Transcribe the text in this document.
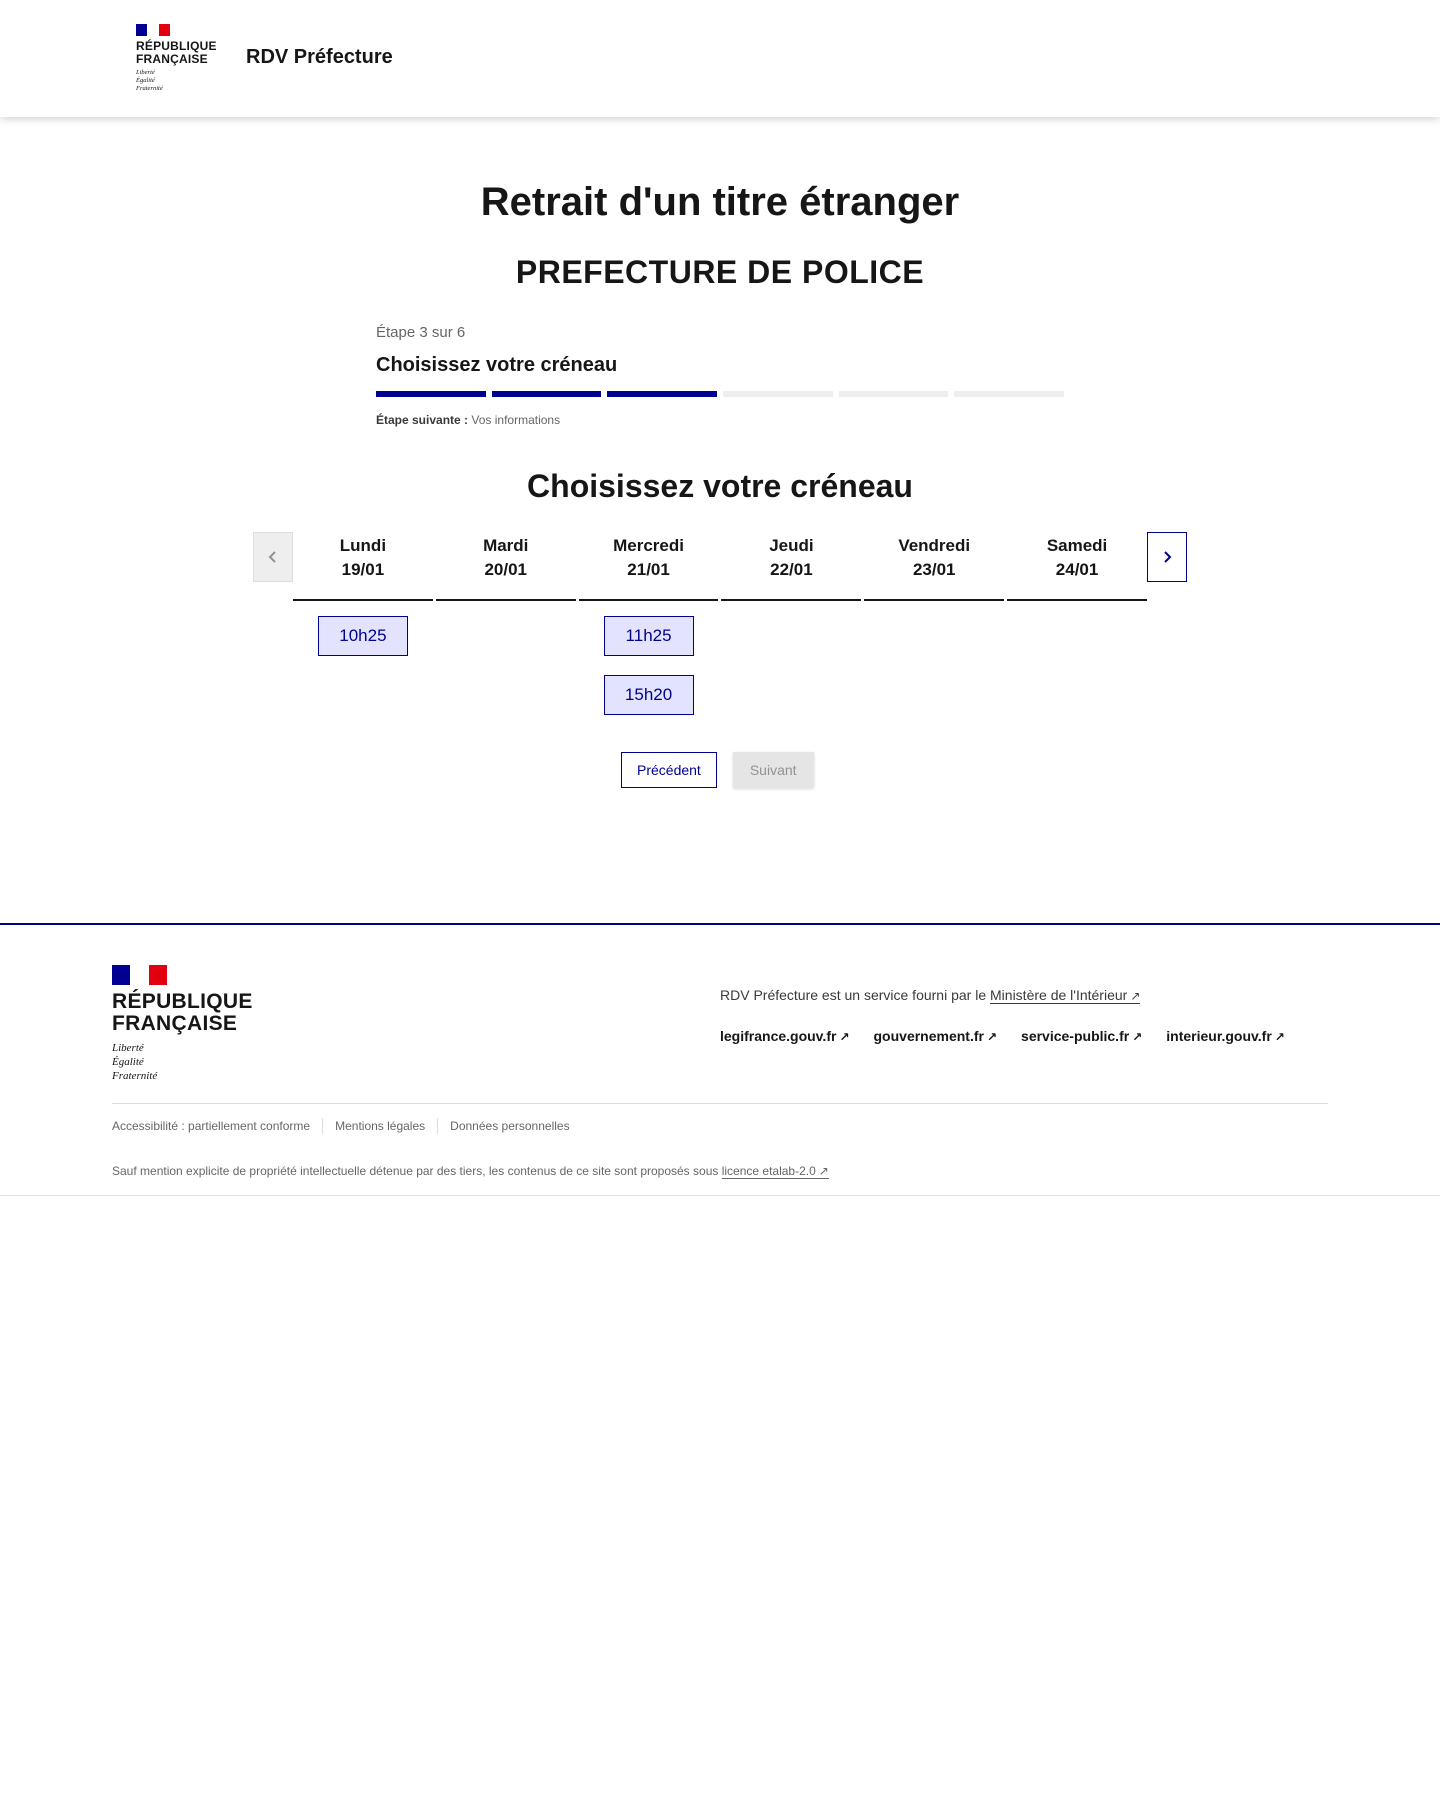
RÉPUBLIQUE
FRANÇAISE
Liberté
Égalité
Fraternité
RDV Préfecture
Retrait d'un titre étranger
PREFECTURE DE POLICE
Étape 3 sur 6
Choisissez votre créneau
Étape suivante : Vos informations
Choisissez votre créneau
Lundi
19/01
10h25
Mardi
20/01
Mercredi
21/01
11h25
15h20
Jeudi
22/01
Vendredi
23/01
Samedi
24/01
Précédent	Suivant
RÉPUBLIQUE
FRANÇAISE
Liberté
Égalité
Fraternité
RDV Préfecture est un service fourni par le Ministère de l'Intérieur ↗
legifrance.gouv.fr ↗ gouvernement.fr ↗ service-public.fr ↗ interieur.gouv.fr ↗
Accessibilité : partiellement conforme Mentions légales Données personnelles
Sauf mention explicite de propriété intellectuelle détenue par des tiers, les contenus de ce site sont proposés sous licence etalab-2.0 ↗
